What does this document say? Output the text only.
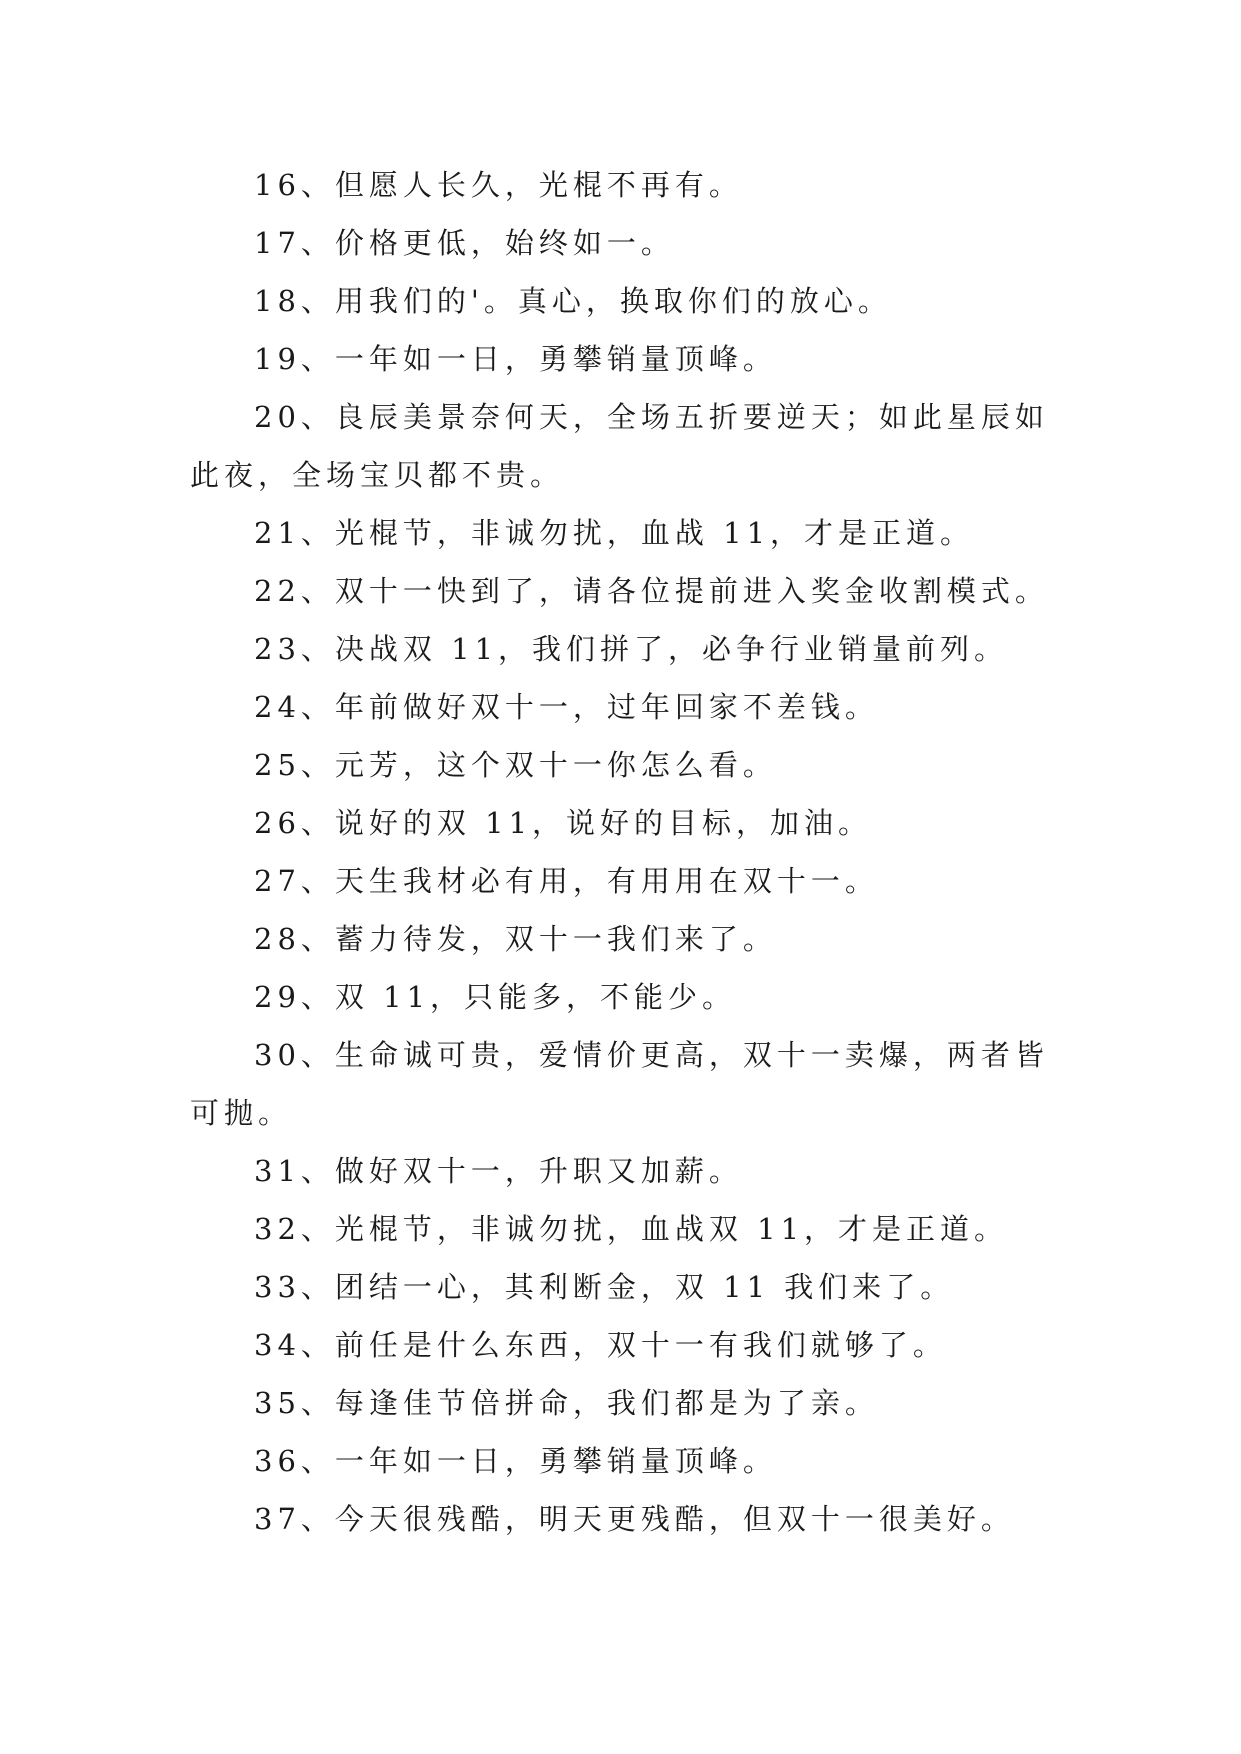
16、但愿人长久，光棍不再有。

17、价格更低，始终如一。

18、用我们的'。真心，换取你们的放心。

19、一年如一日，勇攀销量顶峰。

20、良辰美景奈何天，全场五折要逆天；如此星辰如此夜，全场宝贝都不贵。

21、光棍节，非诚勿扰，血战 11，才是正道。

22、双十一快到了，请各位提前进入奖金收割模式。

23、决战双 11，我们拼了，必争行业销量前列。

24、年前做好双十一，过年回家不差钱。

25、元芳，这个双十一你怎么看。

26、说好的双 11，说好的目标，加油。

27、天生我材必有用，有用用在双十一。

28、蓄力待发，双十一我们来了。

29、双 11，只能多，不能少。

30、生命诚可贵，爱情价更高，双十一卖爆，两者皆可抛。

31、做好双十一，升职又加薪。

32、光棍节，非诚勿扰，血战双 11，才是正道。

33、团结一心，其利断金，双 11 我们来了。

34、前任是什么东西，双十一有我们就够了。

35、每逢佳节倍拼命，我们都是为了亲。

36、一年如一日，勇攀销量顶峰。

37、今天很残酷，明天更残酷，但双十一很美好。
